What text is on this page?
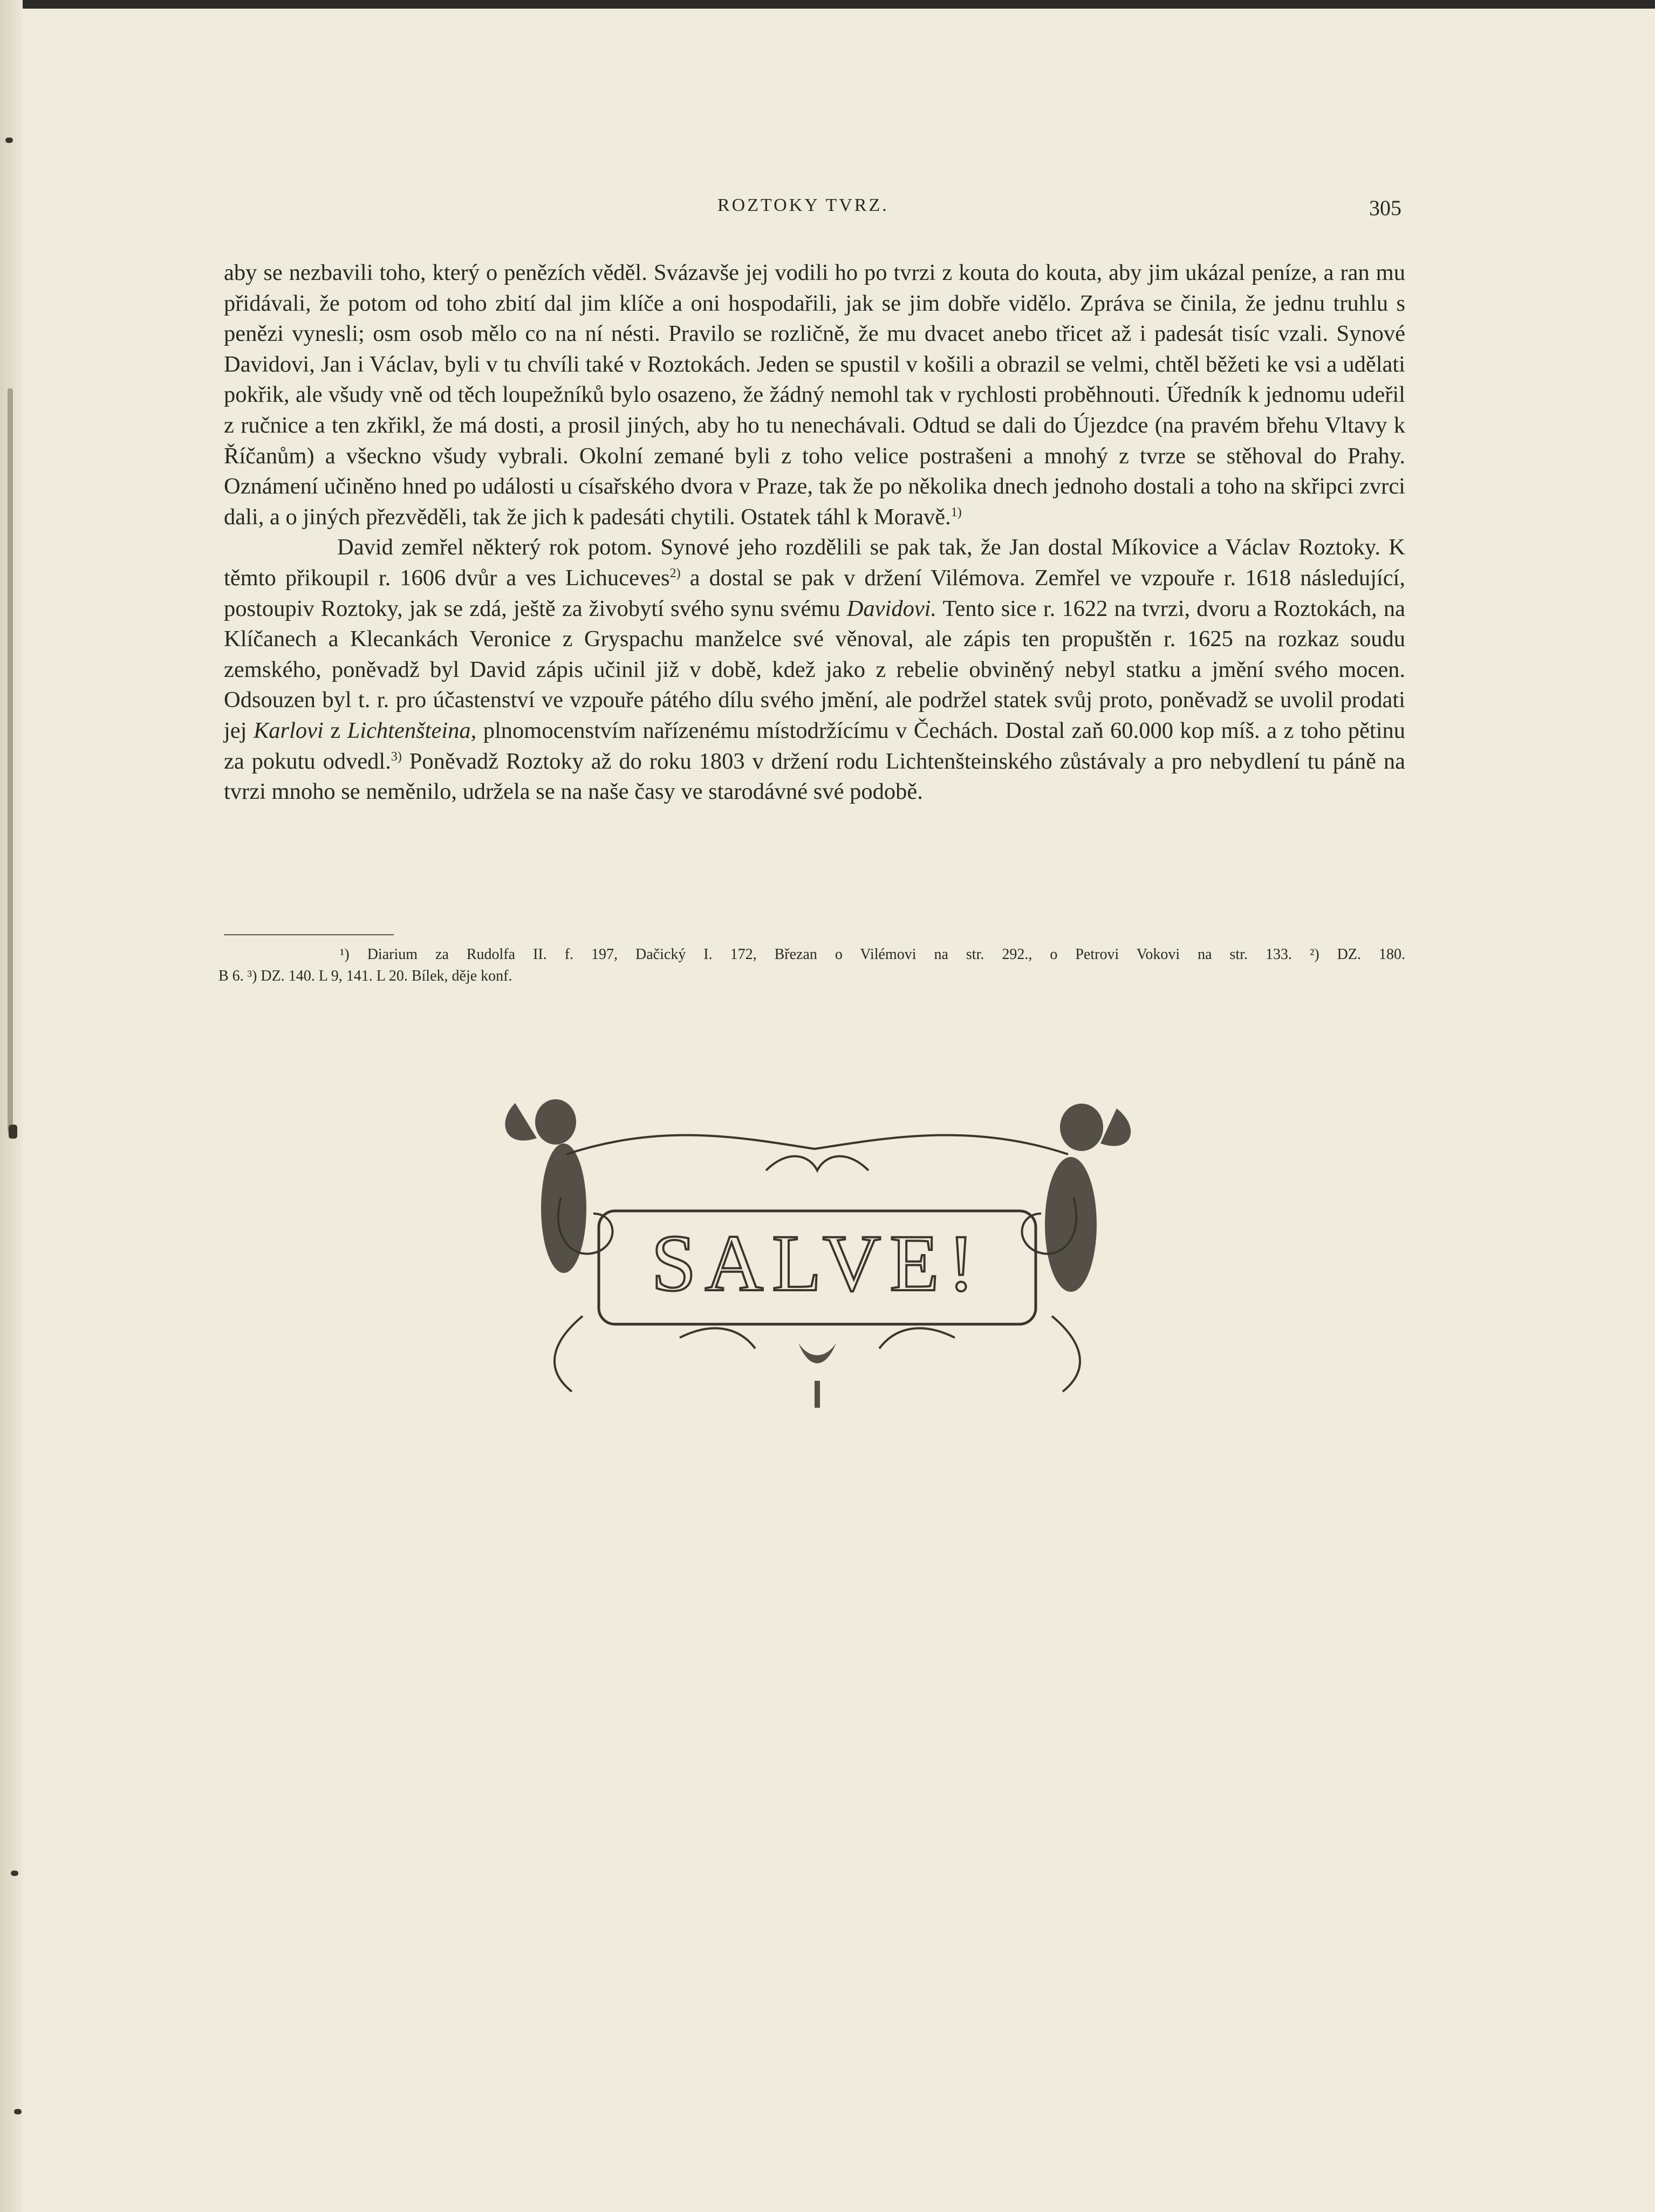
ROZTOKY TVRZ.	305

aby se nezbavili toho, který o penězích věděl. Svázavše jej vodili ho po tvrzi z kouta do kouta, aby jim ukázal peníze, a ran mu přidávali, že potom od toho zbití dal jim klíče a oni hospodařili, jak se jim dobře vidělo. Zpráva se činila, že jednu truhlu s penězi vynesli; osm osob mělo co na ní nésti. Pravilo se rozličně, že mu dvacet anebo třicet až i padesát tisíc vzali. Synové Davidovi, Jan i Václav, byli v tu chvíli také v Roztokách. Jeden se spustil v košili a obrazil se velmi, chtěl běžeti ke vsi a udělati pokřik, ale všudy vně od těch loupežníků bylo osazeno, že žádný nemohl tak v rychlosti proběhnouti. Úředník k jednomu udeřil z ručnice a ten zkřikl, že má dosti, a prosil jiných, aby ho tu nenechávali. Odtud se dali do Újezdce (na pravém břehu Vltavy k Říčanům) a všeckno všudy vybrali. Okolní zemané byli z toho velice postrašeni a mnohý z tvrze se stěhoval do Prahy. Oznámení učiněno hned po události u císařského dvora v Praze, tak že po několika dnech jednoho dostali a toho na skřipci zvrci dali, a o jiných přezvěděli, tak že jich k padesáti chytili. Ostatek táhl k Moravě.$^{1)}$

David zemřel některý rok potom. Synové jeho rozdělili se pak tak, že Jan dostal Míkovice a Václav Roztoky. K těmto přikoupil r. 1606 dvůr a ves Lichuceves$^{2)}$ a dostal se pak v držení Vilémova. Zemřel ve vzpouře r. 1618 následující, postoupiv Roztoky, jak se zdá, ještě za živobytí svého synu svému Davidovi. Tento sice r. 1622 na tvrzi, dvoru a Roztokách, na Klíčanech a Klecankách Veronice z Gryspachu manželce své věnoval, ale zápis ten propuštěn r. 1625 na rozkaz soudu zemského, poněvadž byl David zápis učinil již v době, kdež jako z rebelie obviněný nebyl statku a jmění svého mocen. Odsouzen byl t. r. pro účastenství ve vzpouře pátého dílu svého jmění, ale podržel statek svůj proto, poněvadž se uvolil prodati jej Karlovi z Lichtenšteina, plnomocenstvím nařízenému místodržícímu v Čechách. Dostal zaň 60.000 kop míš. a z toho pětinu za pokutu odvedl.$^{3)}$ Poněvadž Roztoky až do roku 1803 v držení rodu Lichtenšteinského zůstávaly a pro nebydlení tu páně na tvrzi mnoho se neměnilo, udržela se na naše časy ve starodávné své podobě.

¹) Diarium za Rudolfa II. f. 197, Dačický I. 172, Březan o Vilémovi na str. 292., o Petrovi Vokovi na str. 133. ²) DZ. 180.
B 6. ³) DZ. 140. L 9, 141. L 20. Bílek, děje konf.
SALVE!
